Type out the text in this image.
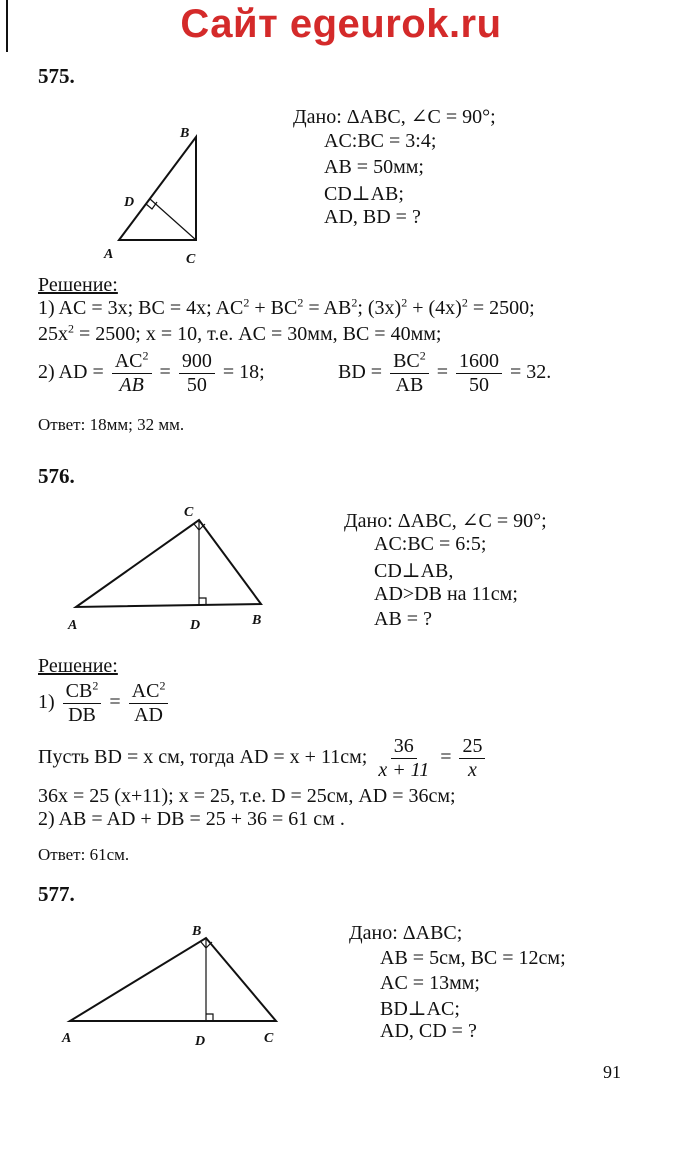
Сайт egeurok.ru
575.
B
D
A	C
Дано: ΔABC, ∠C = 90°;
AC:BC = 3:4;
AB = 50мм;
CD⊥AB;
AD, BD = ?
Решение:
1) AC = 3x; BC = 4x; $AC^2 + BC^2 = AB^2$; $(3x)^2 + (4x)^2 = 2500$;
$25x^2 = 2500$; x = 10, т.е. AC = 30мм, BC = 40мм;
2) AD = $\frac{AC^2}{AB} = \frac{900}{50} = 18$;	BD = $\frac{BC^2}{AB} = \frac{1600}{50} = 32$.
Ответ: 18мм; 32 мм.
576.
C
A	D	B
Дано: ΔABC, ∠C = 90°;
AC:BC = 6:5;
CD⊥AB,
AD>DB на 11см;
AB = ?
Решение:
$1) \frac{CB^2}{DB} = \frac{AC^2}{AD}$
Пусть BD = x см, тогда AD = x + 11см; $\frac{36}{x + 11} = \frac{25}{x}$
36x = 25 (x+11); x = 25, т.е. D = 25см, AD = 36см;
2) AB = AD + DB = 25 + 36 = 61 см .
Ответ: 61см.
577.
B
A	D	C
Дано: ΔABC;
AB = 5см, BC = 12см;
AC = 13мм;
BD⊥AC;
AD, CD = ?
91
